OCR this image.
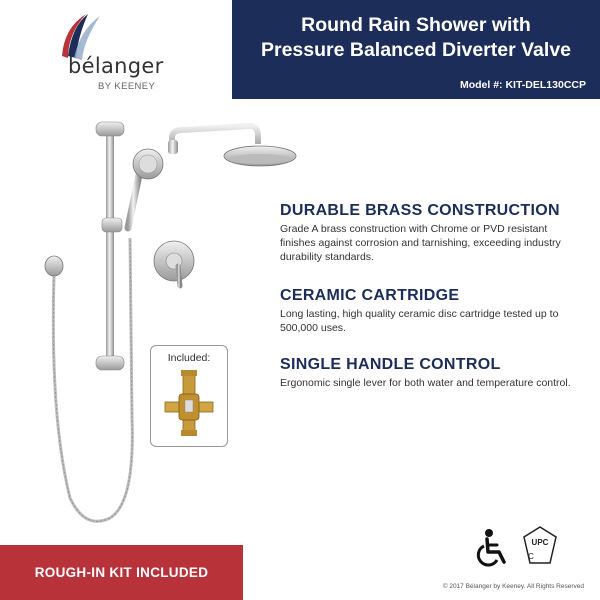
bélanger
BY KEENEY
Round Rain Shower with
Pressure Balanced Diverter Valve
Model #: KIT-DEL130CCP
Included:
DURABLE BRASS CONSTRUCTION
Grade A brass construction with Chrome or PVD resistant finishes against corrosion and tarnishing, exceeding industry durability standards.
CERAMIC CARTRIDGE
Long lasting, high quality ceramic disc cartridge tested up to 500,000 uses.
SINGLE HANDLE CONTROL
Ergonomic single lever for both water and temperature control.
ROUGH-IN KIT INCLUDED
UPC
C
© 2017 Bélanger by Keeney. All Rights Reserved
